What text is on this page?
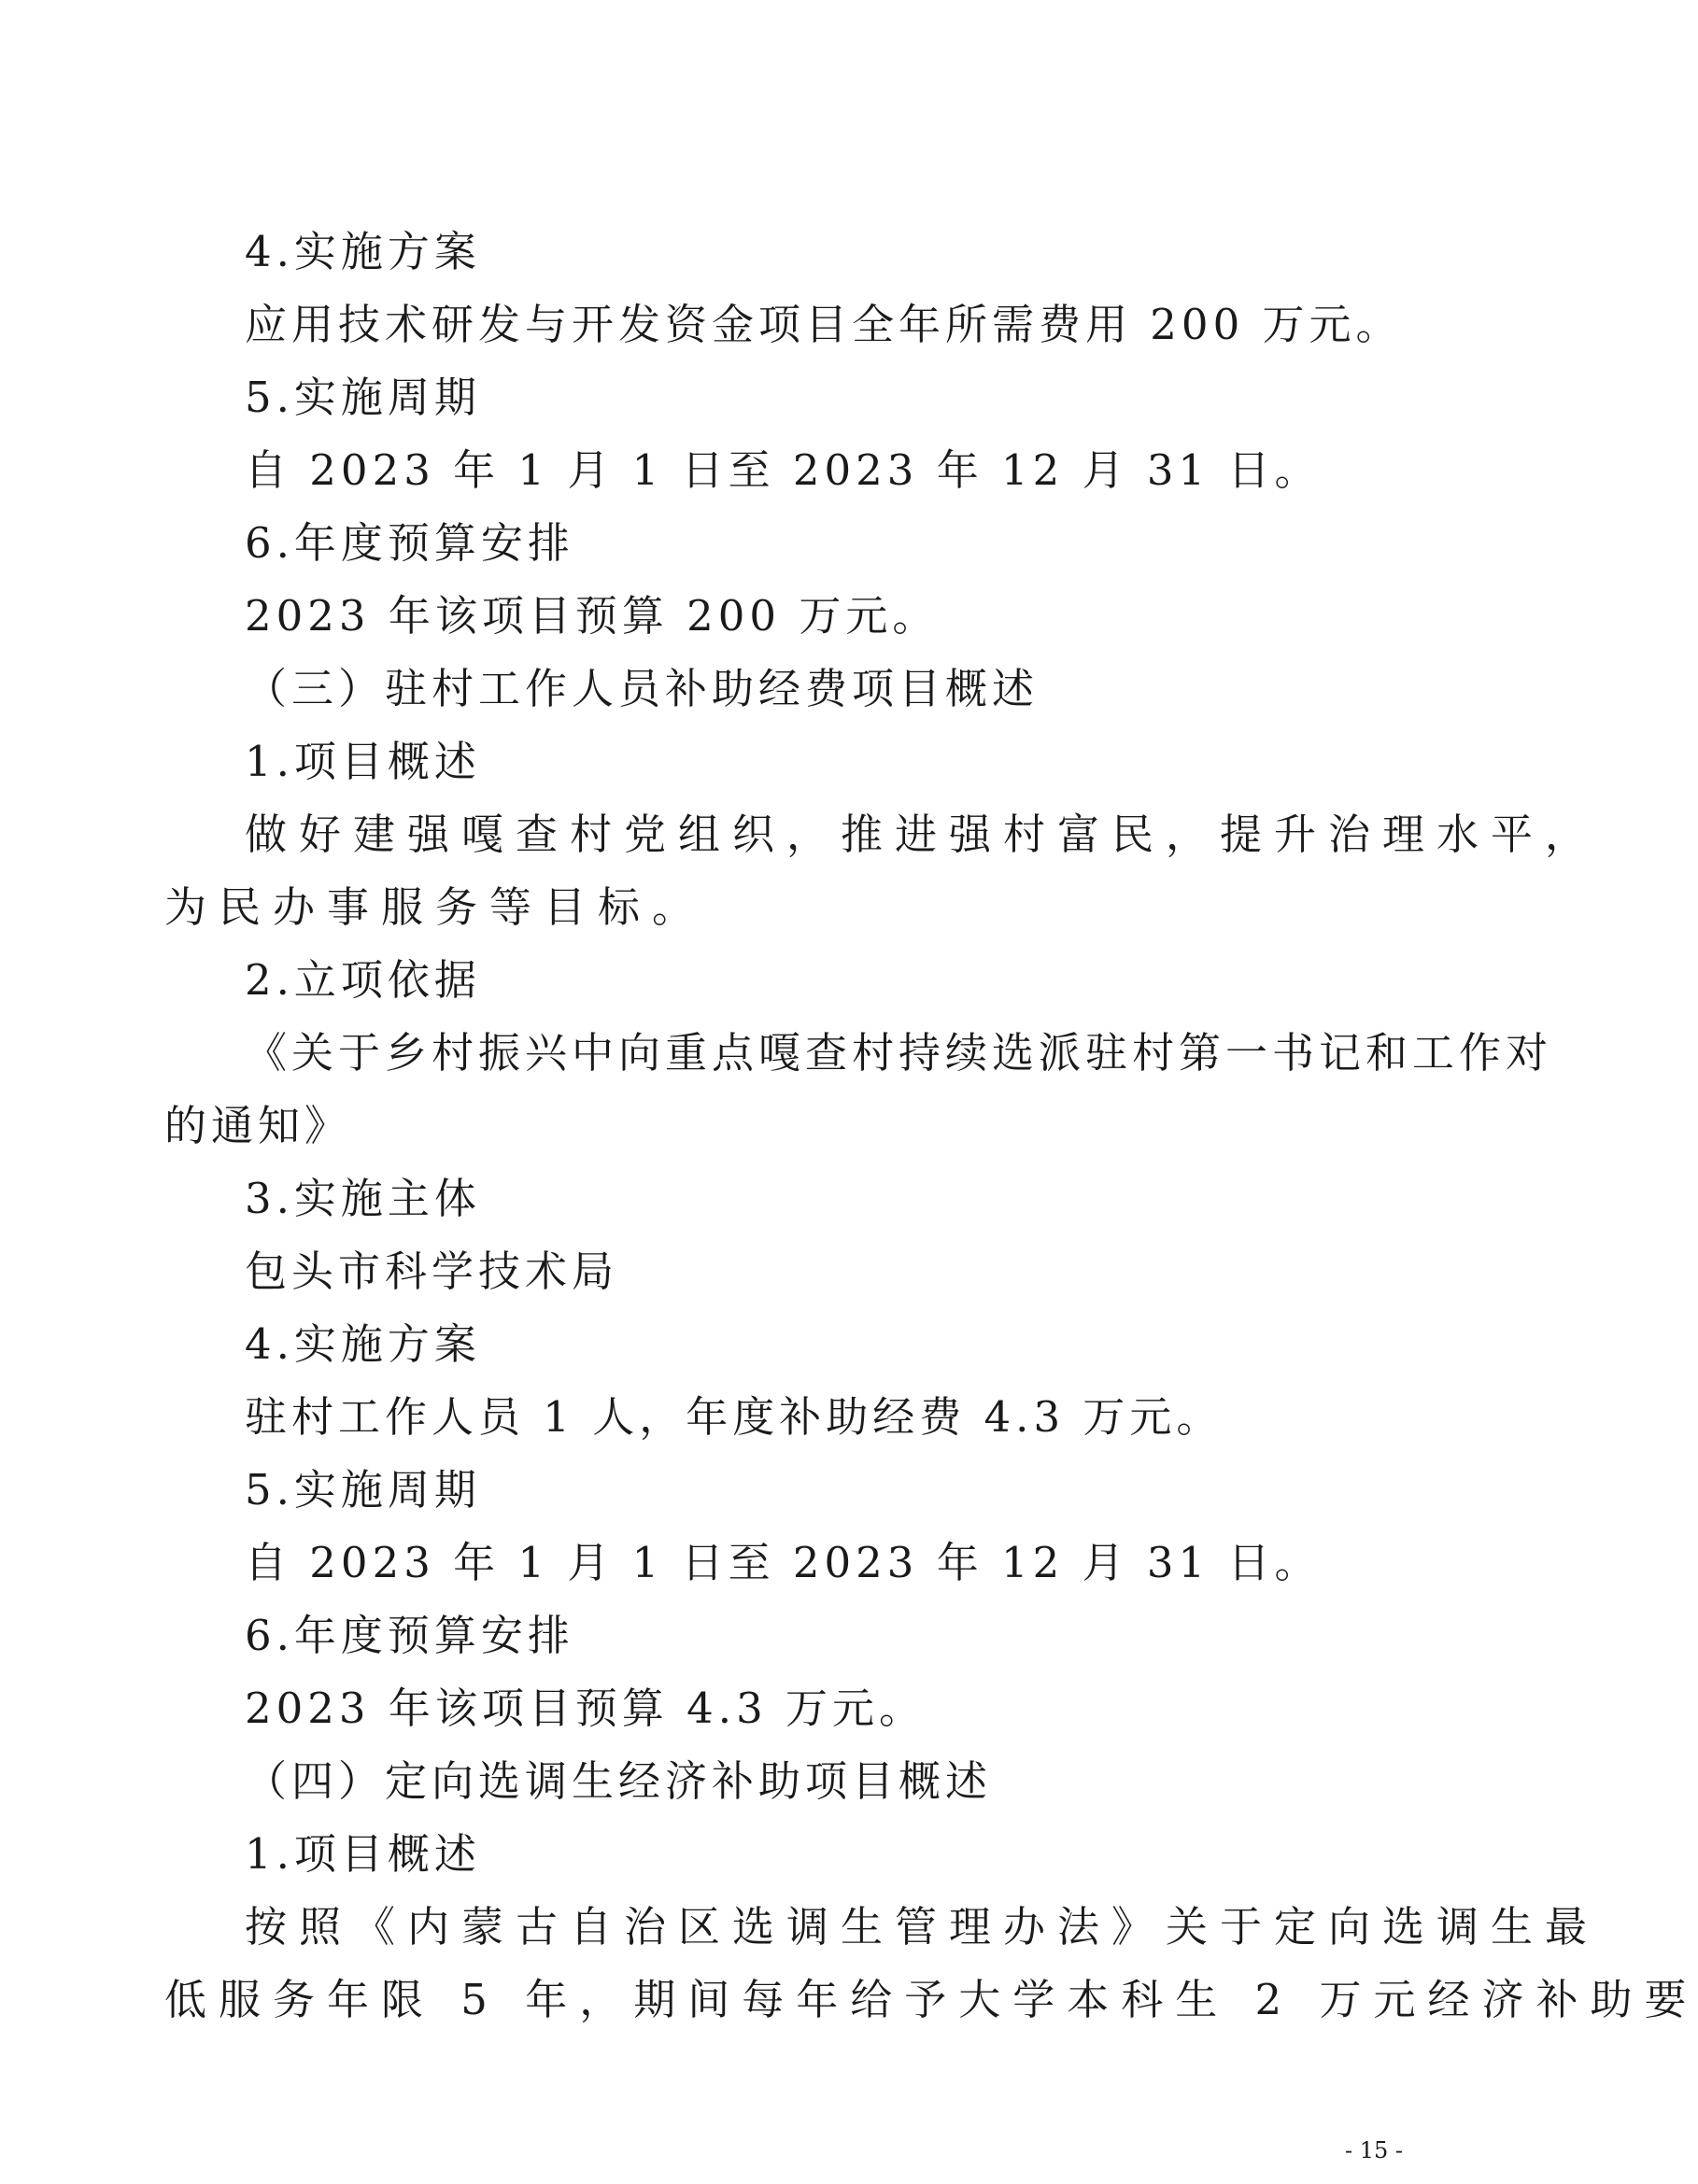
4.实施方案

应用技术研发与开发资金项目全年所需费用 200 万元。

5.实施周期

自 2023 年 1 月 1 日至 2023 年 12 月 31 日。

6.年度预算安排

2023 年该项目预算 200 万元。

（三）驻村工作人员补助经费项目概述

1.项目概述

做好建强嘎查村党组织，推进强村富民，提升治理水平，

为民办事服务等目标。

2.立项依据

《关于乡村振兴中向重点嘎查村持续选派驻村第一书记和工作对

的通知》

3.实施主体

包头市科学技术局

4.实施方案

驻村工作人员 1 人，年度补助经费 4.3 万元。

5.实施周期

自 2023 年 1 月 1 日至 2023 年 12 月 31 日。

6.年度预算安排

2023 年该项目预算 4.3 万元。

（四）定向选调生经济补助项目概述

1.项目概述

按照《内蒙古自治区选调生管理办法》关于定向选调生最

低服务年限 5 年，期间每年给予大学本科生 2 万元经济补助要

- 15 -
